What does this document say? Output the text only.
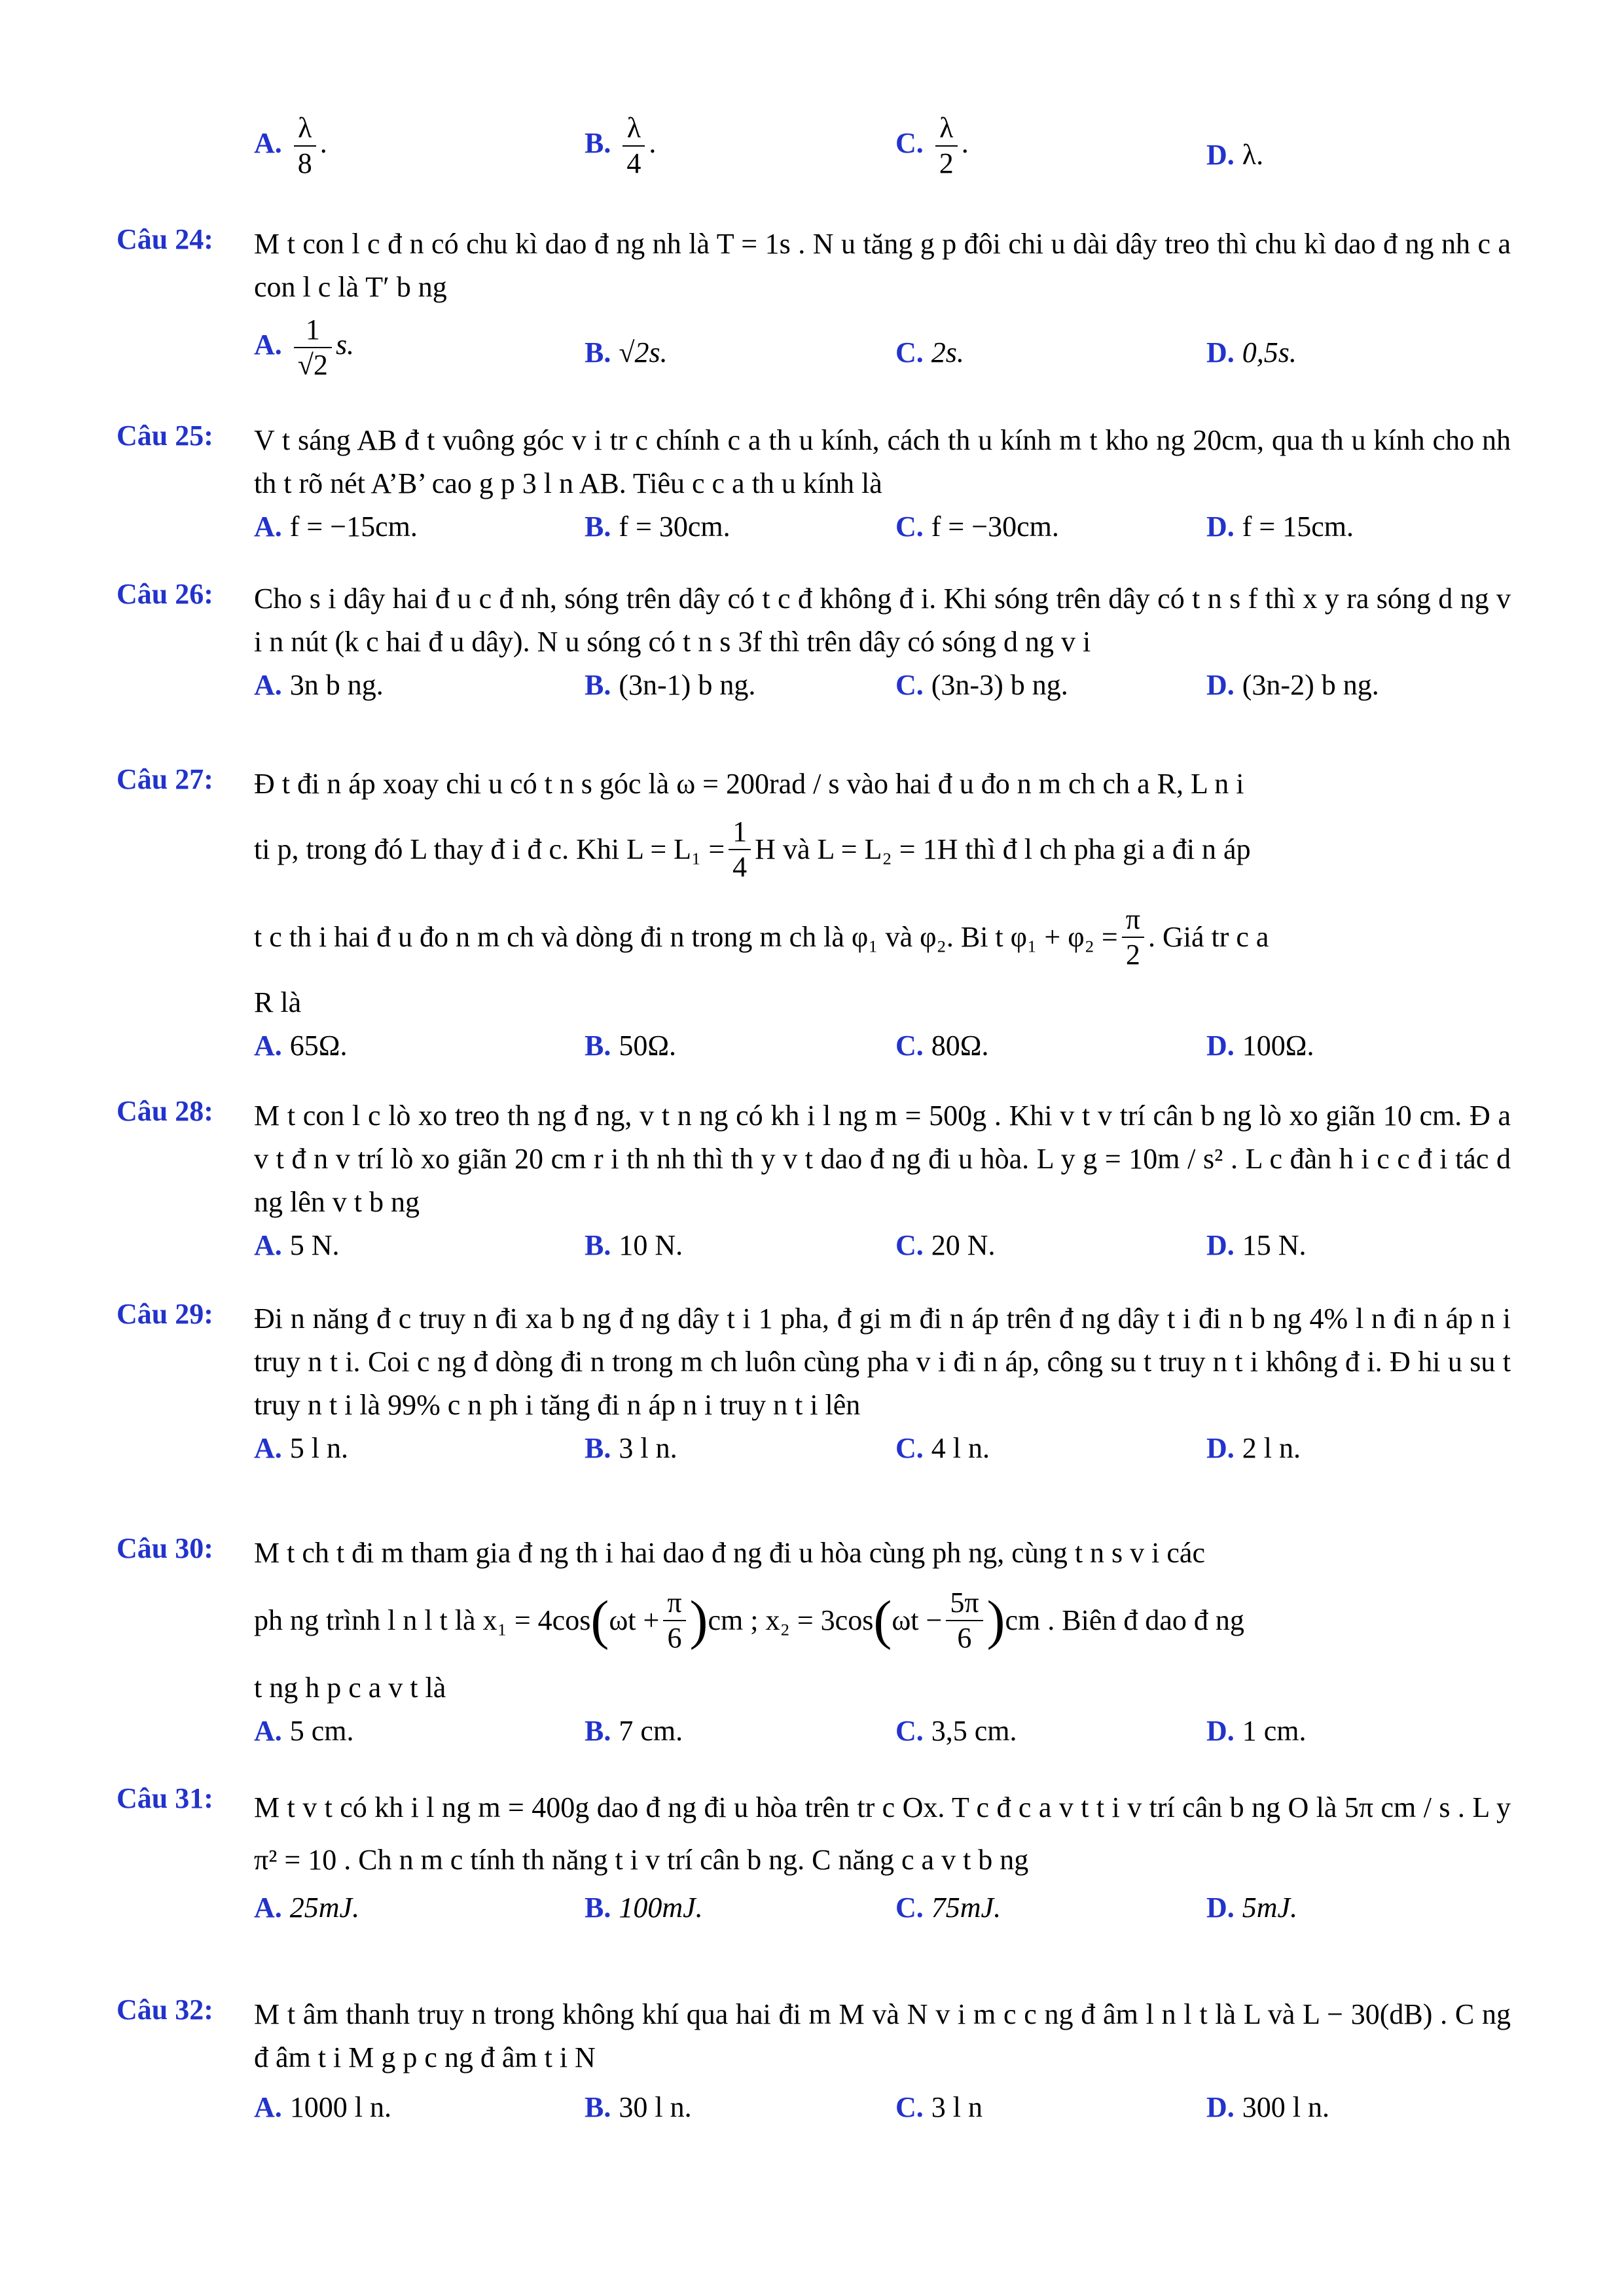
A. $\frac{\lambda}{8}$ .	B. $\frac{\lambda}{4}$ .	C. $\frac{\lambda}{2}$ .	D. λ.
Câu 24: M t con l c đ n có chu kì dao đ ng nh là T = 1s . N u tăng g p đôi chi u dài dây treo thì chu kì dao đ ng nh c a con l c là T′ b ng
A. $\frac{1}{√2} s$.	B. √2s.	C. 2s.	D. 0,5s.
Câu 25: V t sáng AB đ t vuông góc v i tr c chính c a th u kính, cách th u kính m t kho ng 20cm, qua th u kính cho nh th t rõ nét A’B’ cao g p 3 l n AB. Tiêu c c a th u kính là
A. f = −15cm.	B. f = 30cm.	C. f = −30cm.	D. f = 15cm.
Câu 26: Cho s i dây hai đ u c đ nh, sóng trên dây có t c đ không đ i. Khi sóng trên dây có t n s f thì x y ra sóng d ng v i n nút (k c hai đ u dây). N u sóng có t n s 3f thì trên dây có sóng d ng v i
A. 3n b ng.	B. (3n-1) b ng.	C. (3n-3) b ng.	D. (3n-2) b ng.
Câu 27: Đ t đi n áp xoay chi u có t n s góc là ω = 200rad / s vào hai đ u đo n m ch ch a R, L n i
ti p, trong đó L thay đ i đ c. Khi $L = L_1 = \frac{1}{4}$ H và L = L₂ = 1H thì đ l ch pha gi a đi n áp
t c th i hai đ u đo n m ch và dòng đi n trong m ch là φ₁ và φ₂. Bi t $\varphi_1 + \varphi_2 = \frac{\pi}{2}$ . Giá tr c a
R là
A. 65Ω.	B. 50Ω.	C. 80Ω.	D. 100Ω.
Câu 28: M t con l c lò xo treo th ng đ ng, v t n ng có kh i l ng m = 500g . Khi v t v trí cân b ng lò xo giãn 10 cm. Đ a v t đ n v trí lò xo giãn 20 cm r i th nh thì th y v t dao đ ng đi u hòa. L y g = 10m / s² . L c đàn h i c c đ i tác d ng lên v t b ng
A. 5 N.	B. 10 N.	C. 20 N.	D. 15 N.
Câu 29: Đi n năng đ c truy n đi xa b ng đ ng dây t i 1 pha, đ gi m đi n áp trên đ ng dây t i đi n b ng 4% l n đi n áp n i truy n t i. Coi c ng đ dòng đi n trong m ch luôn cùng pha v i đi n áp, công su t truy n t i không đ i. Đ hi u su t truy n t i là 99% c n ph i tăng đi n áp n i truy n t i lên
A. 5 l n.	B. 3 l n.	C. 4 l n.	D. 2 l n.
Câu 30: M t ch t đi m tham gia đ ng th i hai dao đ ng đi u hòa cùng ph ng, cùng t n s v i các
ph ng trình l n l t là x₁ = 4cos ( $\omega t + \frac{\pi}{6}$ ) cm ; x₂ = 3cos ( $\omega t - \frac{5\pi}{6}$ ) cm . Biên đ dao đ ng
t ng h p c a v t là
A. 5 cm.	B. 7 cm.	C. 3,5 cm.	D. 1 cm.
Câu 31: M t v t có kh i l ng m = 400g dao đ ng đi u hòa trên tr c Ox. T c đ c a v t t i v trí cân b ng O là 5π cm / s . L y π² = 10 . Ch n m c tính th năng t i v trí cân b ng. C năng c a v t b ng
A. 25mJ.	B. 100mJ.	C. 75mJ.	D. 5mJ.
Câu 32: M t âm thanh truy n trong không khí qua hai đi m M và N v i m c c ng đ âm l n l t là L và L − 30(dB) . C ng đ âm t i M g p c ng đ âm t i N
A. 1000 l n.	B. 30 l n.	C. 3 l n	D. 300 l n.
